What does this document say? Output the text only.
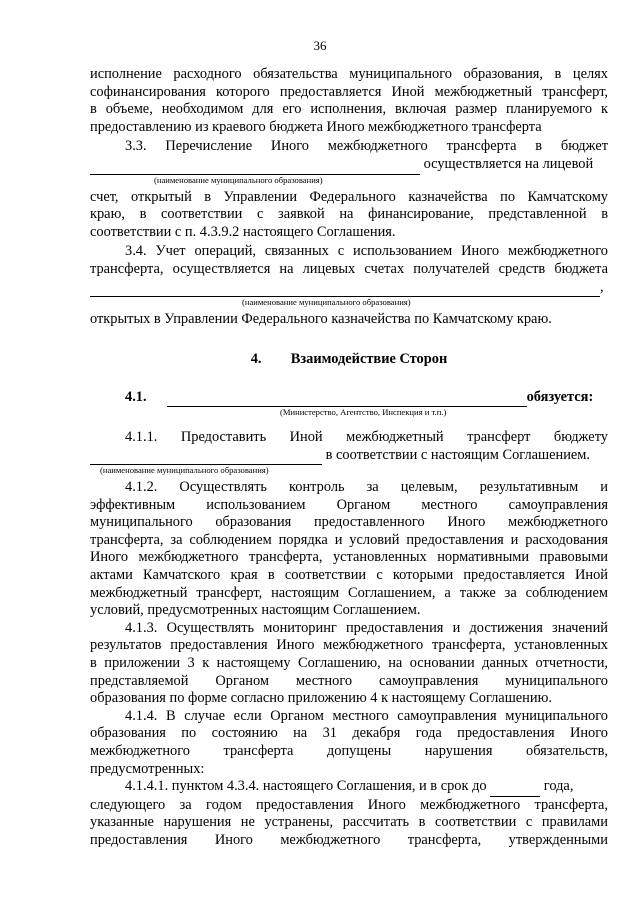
36
исполнение расходного обязательства муниципального образования, в целях
софинансирования которого предоставляется Иной межбюджетный трансферт,
в объеме, необходимом для его исполнения, включая размер планируемого к
предоставлению из краевого бюджета Иного межбюджетного трансферта
3.3. Перечисление Иного межбюджетного трансферта в бюджет
осуществляется на лицевой
(наименование муниципального образования)
счет, открытый в Управлении Федерального казначейства по Камчатскому
краю, в соответствии с заявкой на финансирование, представленной в
соответствии с п. 4.3.9.2 настоящего Соглашения.
3.4. Учет операций, связанных с использованием Иного межбюджетного
трансферта, осуществляется на лицевых счетах получателей средств бюджета
,
(наименование муниципального образования)
открытых в Управлении Федерального казначейства по Камчатскому краю.
4. Взаимодействие Сторон
4.1.
	обязуется:
(Министерство, Агентство, Инспекция и т.п.)
4.1.1. Предоставить Иной межбюджетный трансферт бюджету
в соответствии с настоящим Соглашением.
(наименование муниципального образования)
4.1.2. Осуществлять контроль за целевым, результативным и
эффективным использованием Органом местного самоуправления
муниципального образования предоставленного Иного межбюджетного
трансферта, за соблюдением порядка и условий предоставления и расходования
Иного межбюджетного трансферта, установленных нормативными правовыми
актами Камчатского края в соответствии с которыми предоставляется Иной
межбюджетный трансферт, настоящим Соглашением, а также за соблюдением
условий, предусмотренных настоящим Соглашением.
4.1.3. Осуществлять мониторинг предоставления и достижения значений
результатов предоставления Иного межбюджетного трансферта, установленных
в приложении 3 к настоящему Соглашению, на основании данных отчетности,
представляемой Органом местного самоуправления муниципального
образования по форме согласно приложению 4 к настоящему Соглашению.
4.1.4. В случае если Органом местного самоуправления муниципального
образования по состоянию на 31 декабря года предоставления Иного
межбюджетного трансферта допущены нарушения обязательств,
предусмотренных:
4.1.4.1. пунктом 4.3.4. настоящего Соглашения, и в срок до	года,
следующего за годом предоставления Иного межбюджетного трансферта,
указанные нарушения не устранены, рассчитать в соответствии с правилами
предоставления Иного межбюджетного трансферта, утвержденными
